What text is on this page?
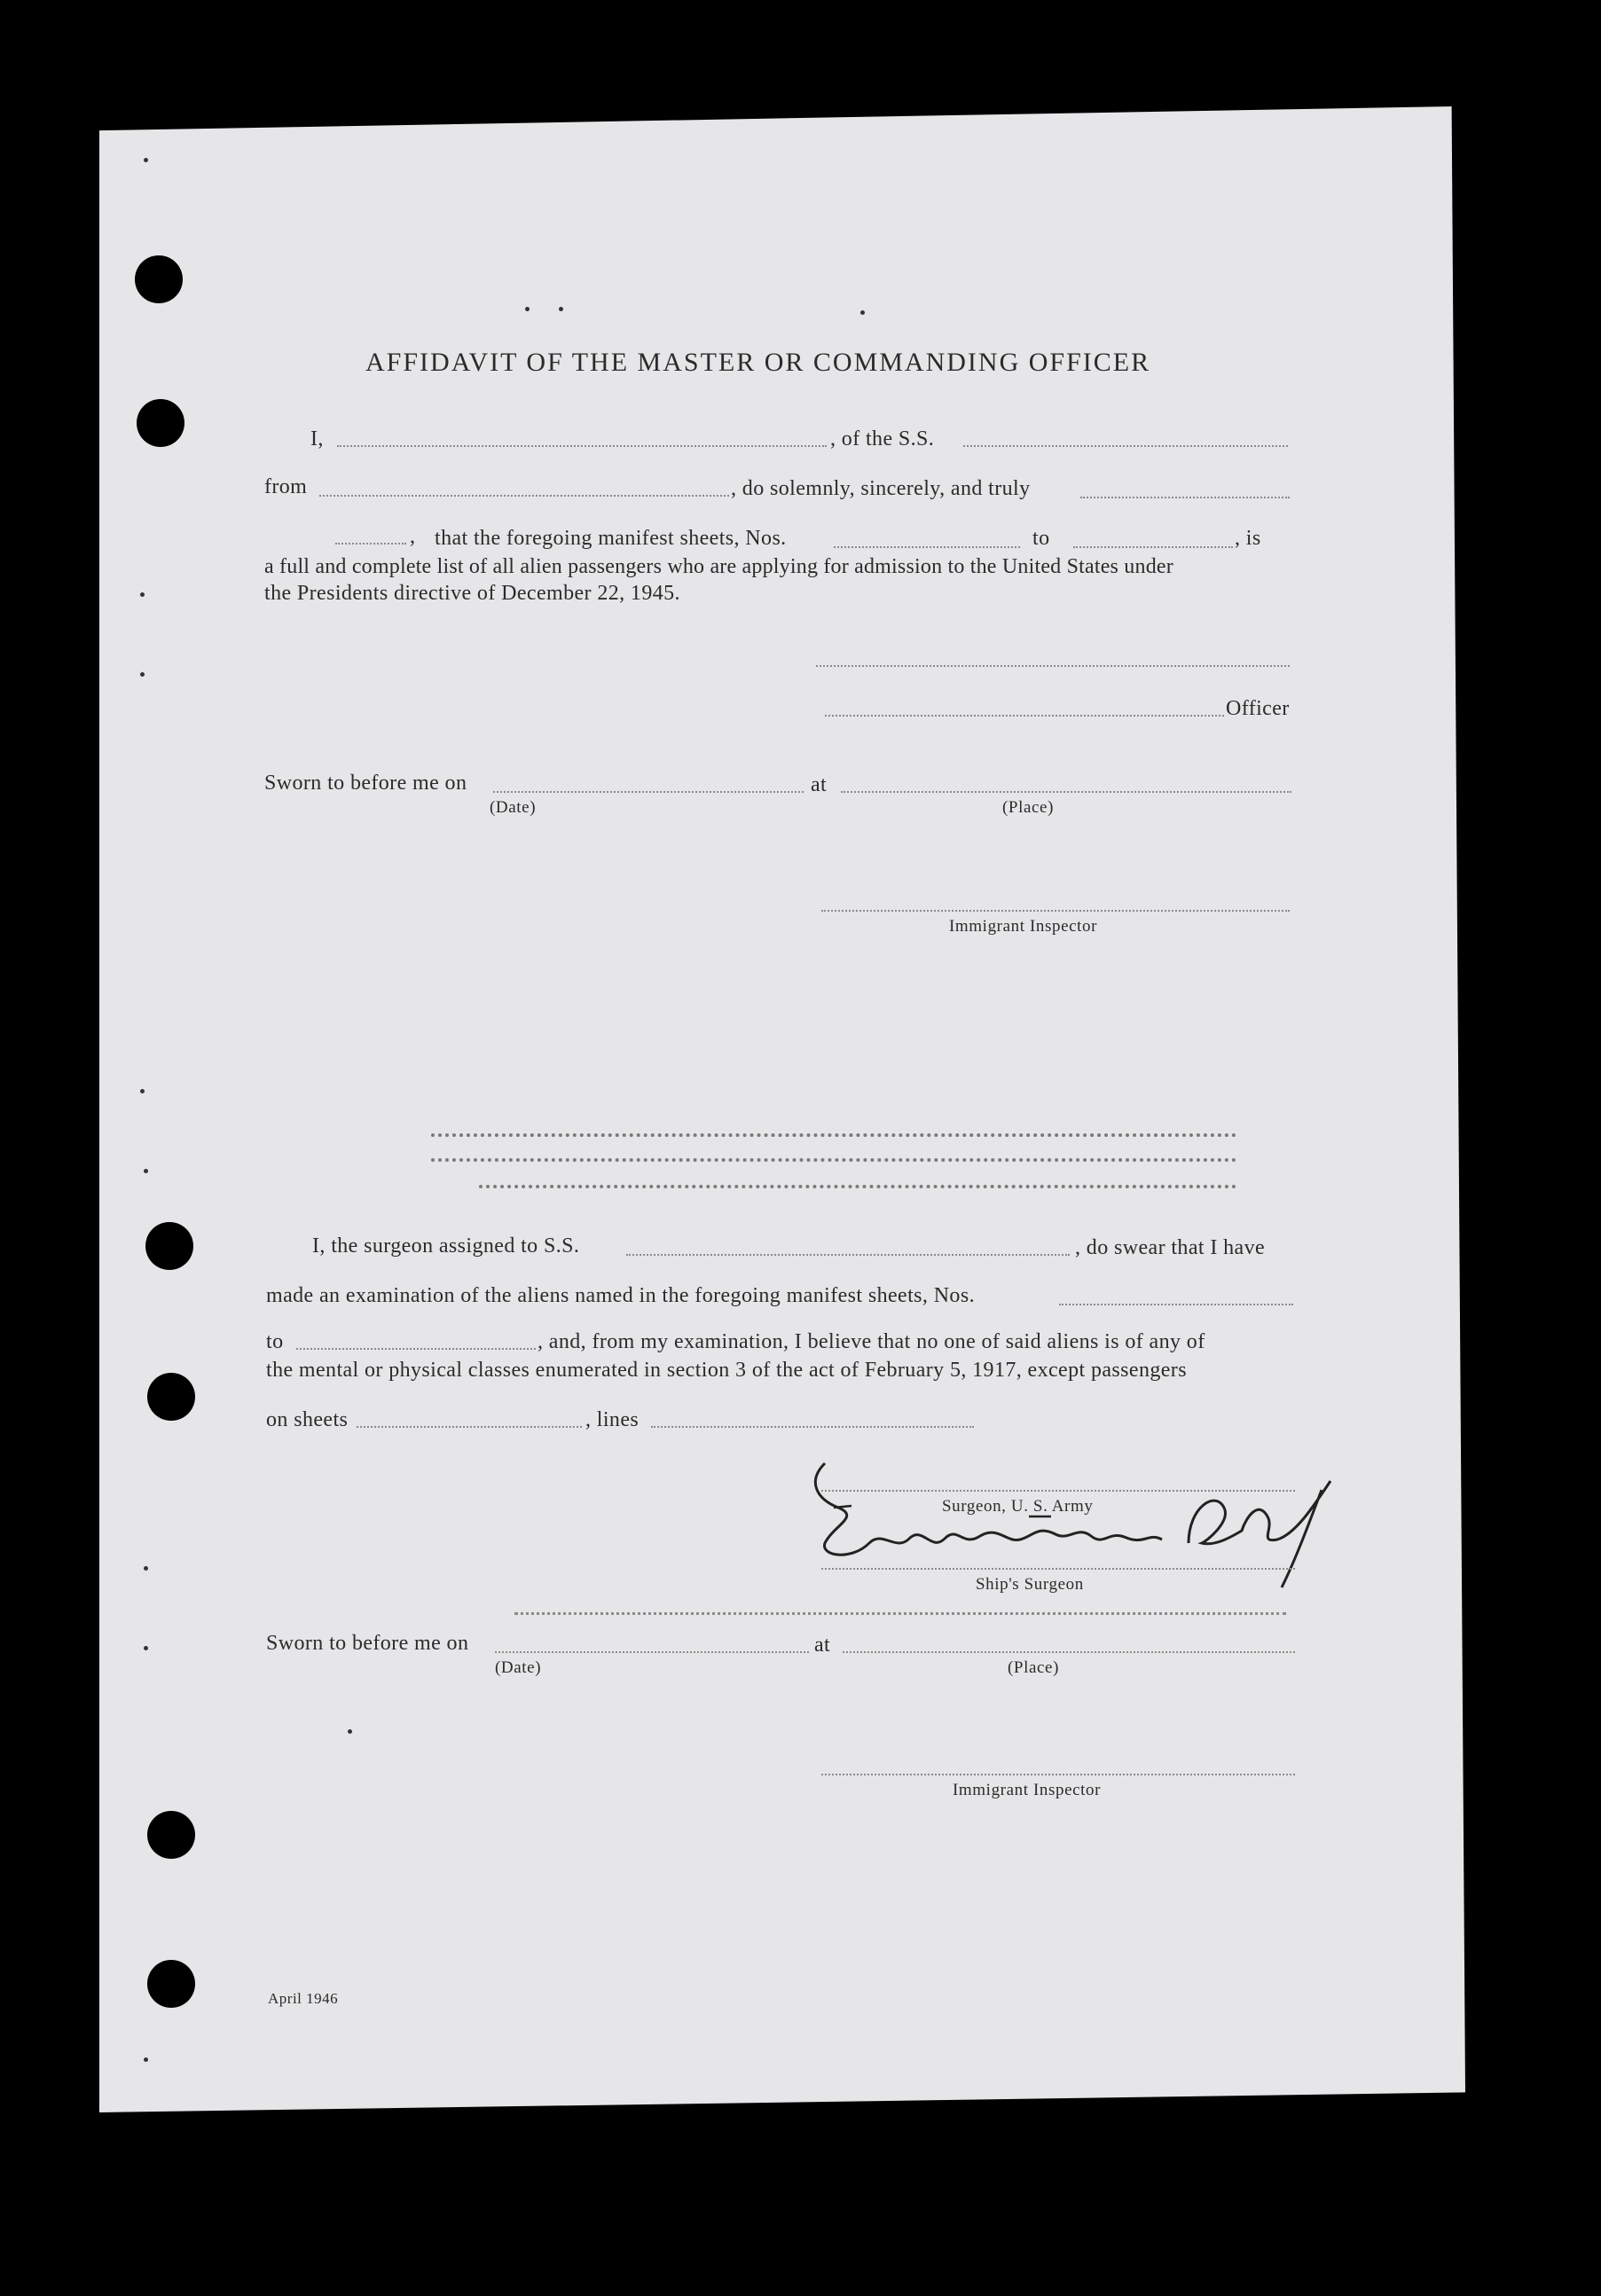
AFFIDAVIT OF THE MASTER OR COMMANDING OFFICER
I,	, of the S.S.
from	, do solemnly, sincerely, and truly
, that the foregoing manifest sheets, Nos.	to	, is
a full and complete list of all alien passengers who are applying for admission to the United States under
the Presidents directive of December 22, 1945.
Officer
Sworn to before me on	at
(Date)	(Place)
Immigrant Inspector
I, the surgeon assigned to S.S.	, do swear that I have
made an examination of the aliens named in the foregoing manifest sheets, Nos.
to	, and, from my examination, I believe that no one of said aliens is of any of
the mental or physical classes enumerated in section 3 of the act of February 5, 1917, except passengers
on sheets	, lines
Surgeon, U. S. Army
Ship's Surgeon
Sworn to before me on	at
(Date)	(Place)
Immigrant Inspector
April 1946
